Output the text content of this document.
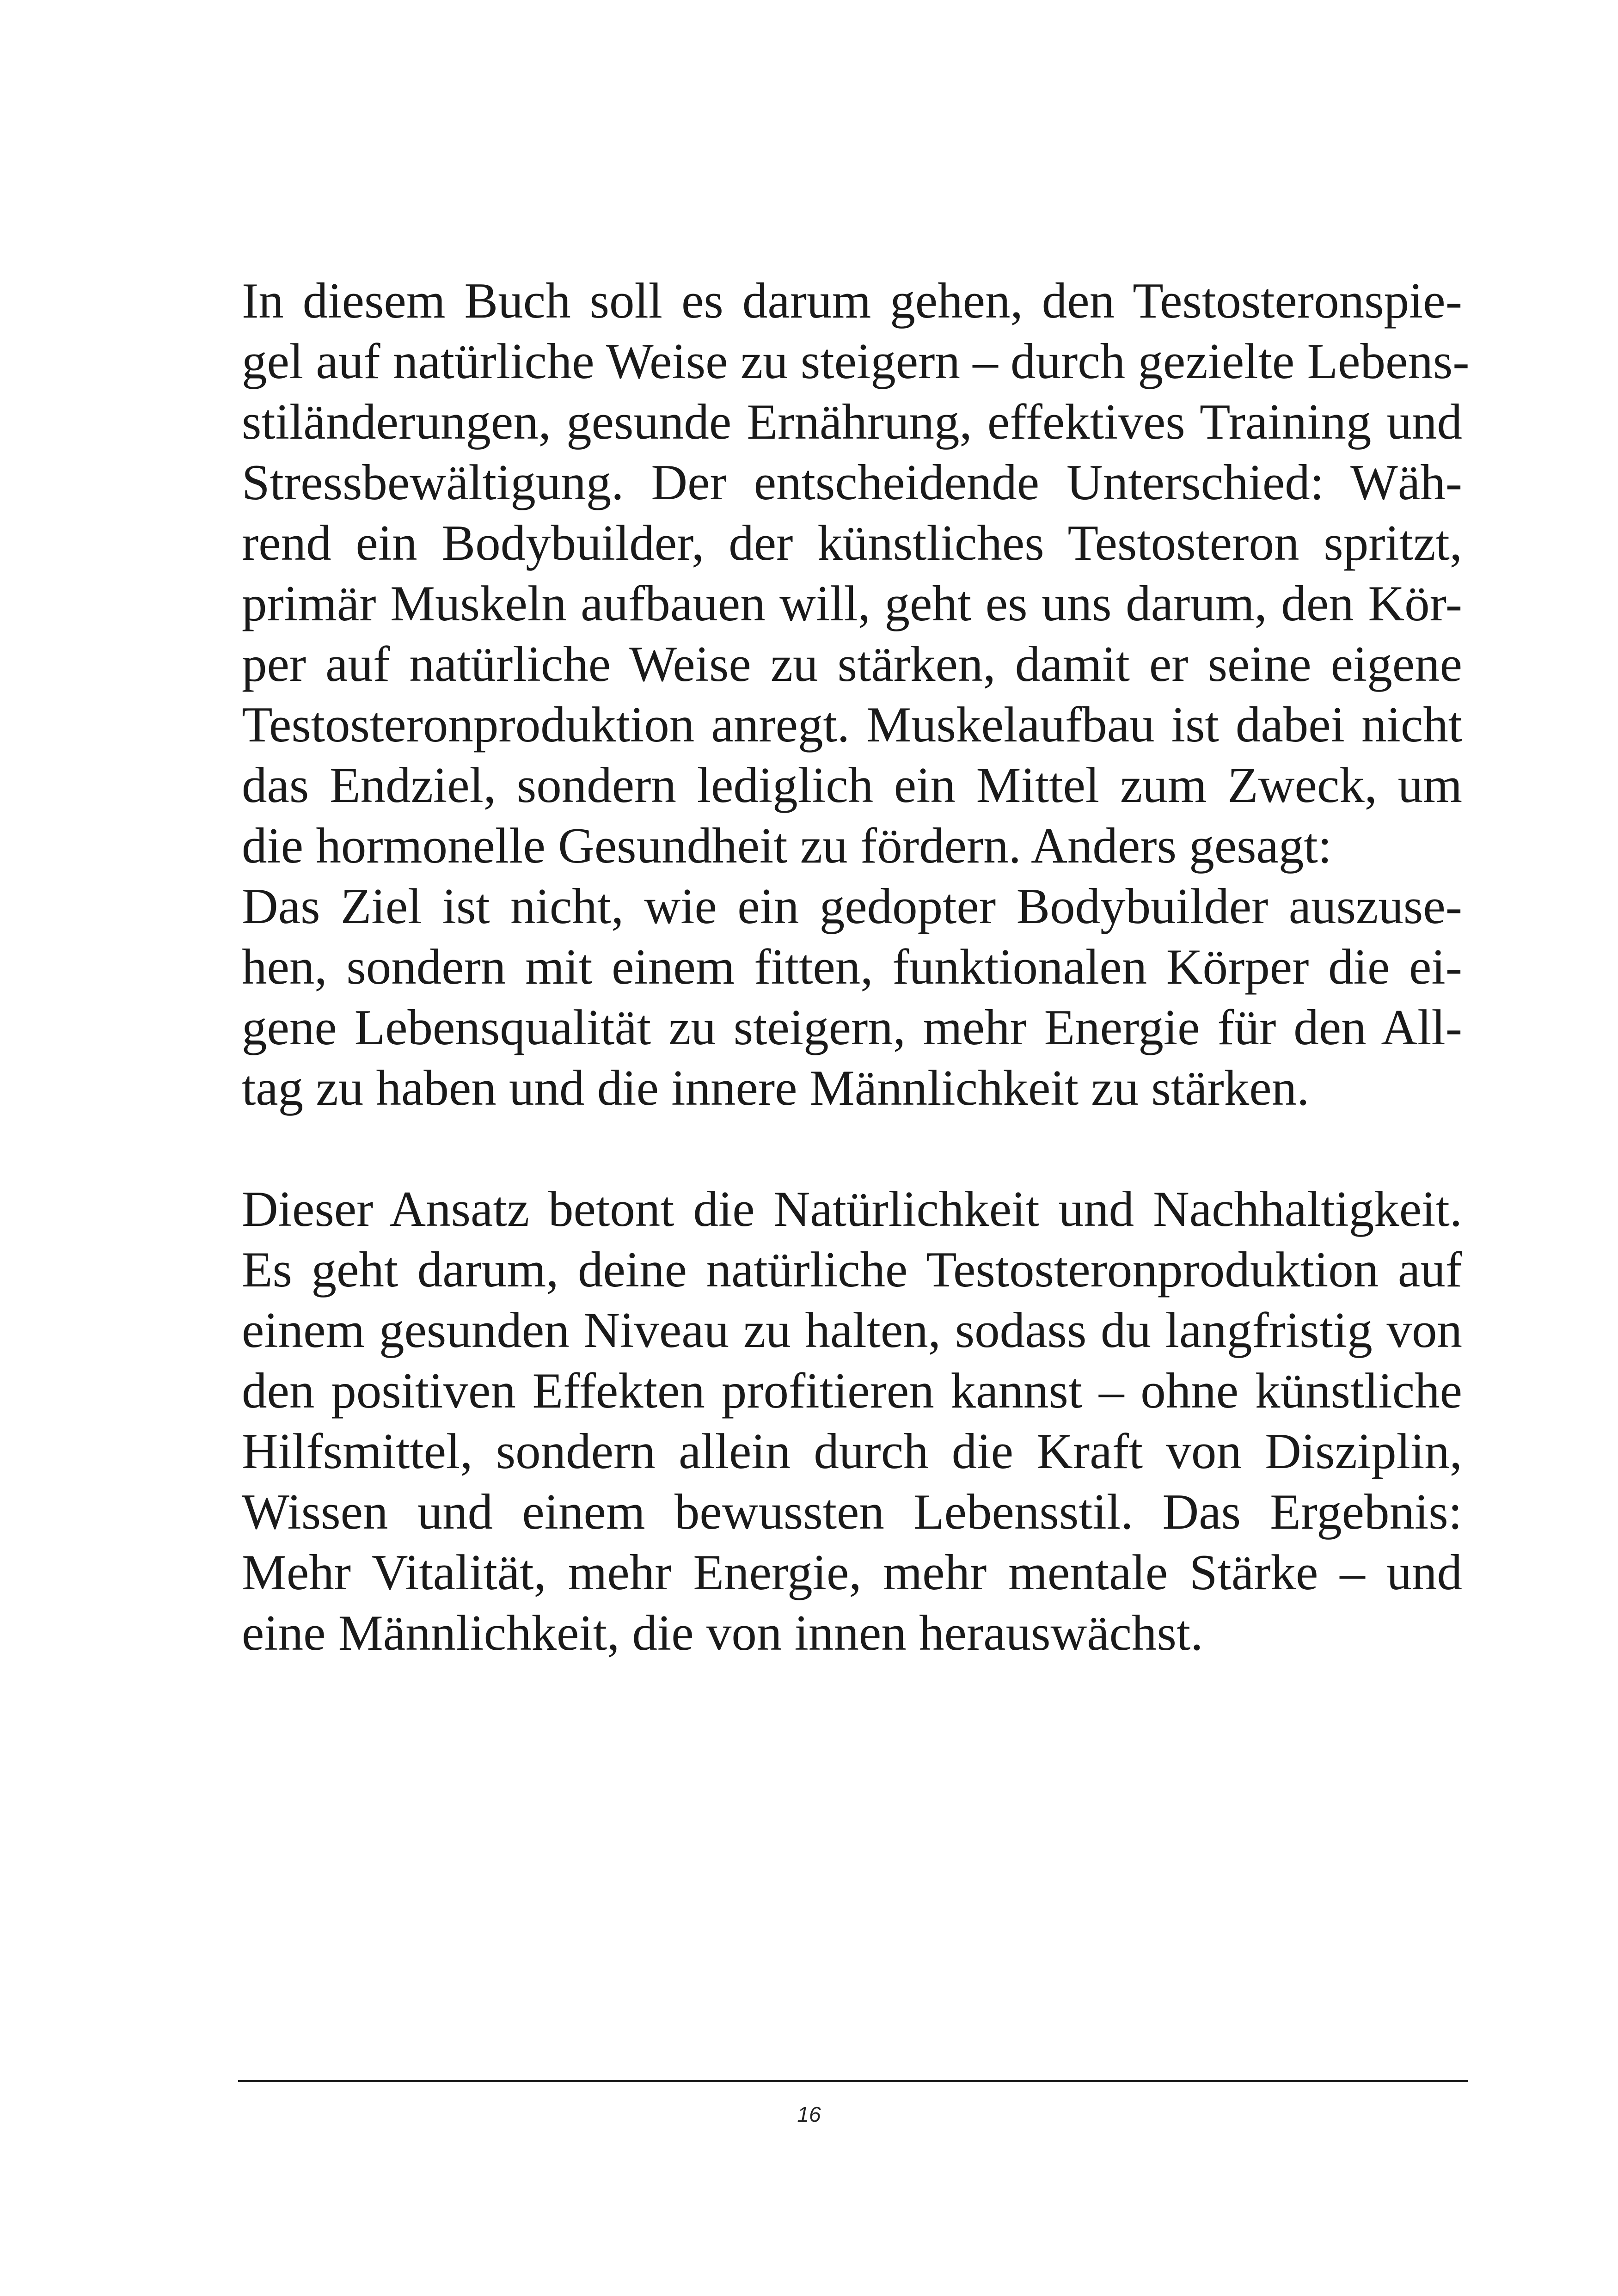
In diesem Buch soll es darum gehen, den Testosteronspie-
gel auf natürliche Weise zu steigern – durch gezielte Lebens-
stiländerungen, gesunde Ernährung, effektives Training und
Stressbewältigung. Der entscheidende Unterschied: Wäh-
rend ein Bodybuilder, der künstliches Testosteron spritzt,
primär Muskeln aufbauen will, geht es uns darum, den Kör-
per auf natürliche Weise zu stärken, damit er seine eigene
Testosteronproduktion anregt. Muskelaufbau ist dabei nicht
das Endziel, sondern lediglich ein Mittel zum Zweck, um
die hormonelle Gesundheit zu fördern. Anders gesagt:
Das Ziel ist nicht, wie ein gedopter Bodybuilder auszuse-
hen, sondern mit einem fitten, funktionalen Körper die ei-
gene Lebensqualität zu steigern, mehr Energie für den All-
tag zu haben und die innere Männlichkeit zu stärken.
Dieser Ansatz betont die Natürlichkeit und Nachhaltigkeit.
Es geht darum, deine natürliche Testosteronproduktion auf
einem gesunden Niveau zu halten, sodass du langfristig von
den positiven Effekten profitieren kannst – ohne künstliche
Hilfsmittel, sondern allein durch die Kraft von Disziplin,
Wissen und einem bewussten Lebensstil. Das Ergebnis:
Mehr Vitalität, mehr Energie, mehr mentale Stärke – und
eine Männlichkeit, die von innen herauswächst.
16
